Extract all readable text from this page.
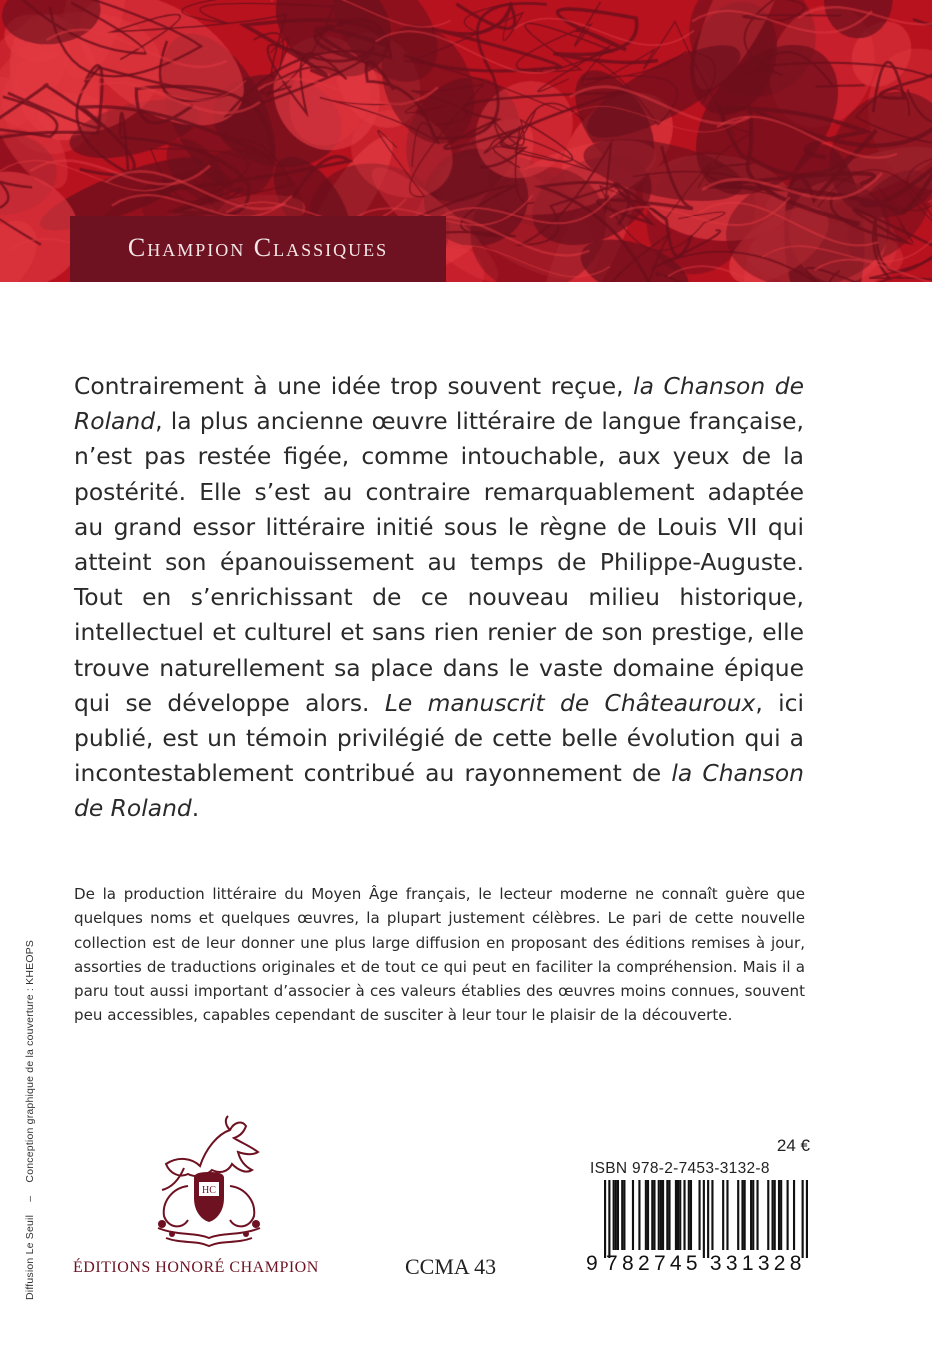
Champion Classiques

Contrairement à une idée trop souvent reçue, la Chanson de Roland, la plus ancienne œuvre littéraire de langue française, n’est pas restée figée, comme intouchable, aux yeux de la postérité. Elle s’est au contraire remarquablement adaptée au grand essor littéraire initié sous le règne de Louis VII qui atteint son épanouissement au temps de Philippe-Auguste. Tout en s’enrichissant de ce nouveau milieu historique, intellectuel et culturel et sans rien renier de son prestige, elle trouve naturellement sa place dans le vaste domaine épique qui se développe alors. Le manuscrit de Châteauroux, ici publié, est un témoin privilégié de cette belle évolution qui a incontestablement contribué au rayonnement de la Chanson de Roland.

De la production littéraire du Moyen Âge français, le lecteur moderne ne connaît guère que quelques noms et quelques œuvres, la plupart justement célèbres. Le pari de cette nouvelle collection est de leur donner une plus large diffusion en proposant des éditions remises à jour, assorties de traductions originales et de tout ce qui peut en faciliter la compréhension. Mais il a paru tout aussi important d’associer à ces valeurs établies des œuvres moins connues, souvent peu accessibles, capables cependant de susciter à leur tour le plaisir de la découverte.

Diffusion Le Seuil – Conception graphique de la couverture : KHEOPS
HC
ÉDITIONS HONORÉ CHAMPION	CCMA 43
24 €
ISBN 978-2-7453-3132-8
9 782745 331328
